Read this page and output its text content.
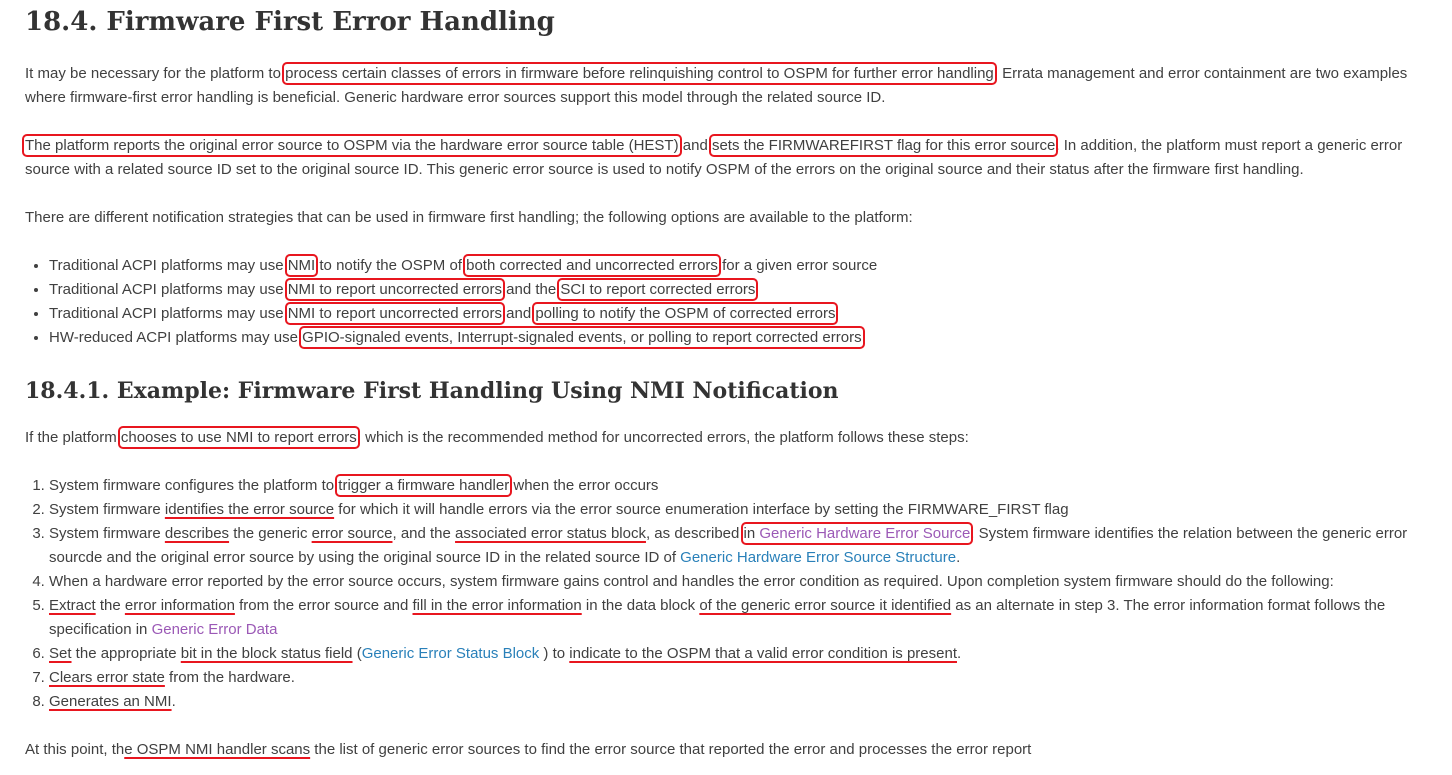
18.4. Firmware First Error Handling

It may be necessary for the platform to process certain classes of errors in firmware before relinquishing control to OSPM for further error handling. Errata management and error containment are two examples where firmware-first error handling is beneficial. Generic hardware error sources support this model through the related source ID.

The platform reports the original error source to OSPM via the hardware error source table (HEST) and sets the FIRMWAREFIRST flag for this error source. In addition, the platform must report a generic error source with a related source ID set to the original source ID. This generic error source is used to notify OSPM of the errors on the original source and their status after the firmware first handling.

There are different notification strategies that can be used in firmware first handling; the following options are available to the platform:

• Traditional ACPI platforms may use NMI to notify the OSPM of both corrected and uncorrected errors for a given error source
• Traditional ACPI platforms may use NMI to report uncorrected errors and the SCI to report corrected errors
• Traditional ACPI platforms may use NMI to report uncorrected errors and polling to notify the OSPM of corrected errors
• HW-reduced ACPI platforms may use GPIO-signaled events, Interrupt-signaled events, or polling to report corrected errors
18.4.1. Example: Firmware First Handling Using NMI Notification

If the platform chooses to use NMI to report errors, which is the recommended method for uncorrected errors, the platform follows these steps:

1. System firmware configures the platform to trigger a firmware handler when the error occurs
2. System firmware identifies the error source for which it will handle errors via the error source enumeration interface by setting the FIRMWARE_FIRST flag
3. System firmware describes the generic error source, and the associated error status block, as described in Generic Hardware Error Source. System firmware identifies the relation between the generic error sourcde and the original error source by using the original source ID in the related source ID of Generic Hardware Error Source Structure.
4. When a hardware error reported by the error source occurs, system firmware gains control and handles the error condition as required. Upon completion system firmware should do the following:
5. Extract the error information from the error source and fill in the error information in the data block of the generic error source it identified as an alternate in step 3. The error information format follows the specification in Generic Error Data
6. Set the appropriate bit in the block status field (Generic Error Status Block ) to indicate to the OSPM that a valid error condition is present.
7. Clears error state from the hardware.
8. Generates an NMI.

At this point, the OSPM NMI handler scans the list of generic error sources to find the error source that reported the error and processes the error report
